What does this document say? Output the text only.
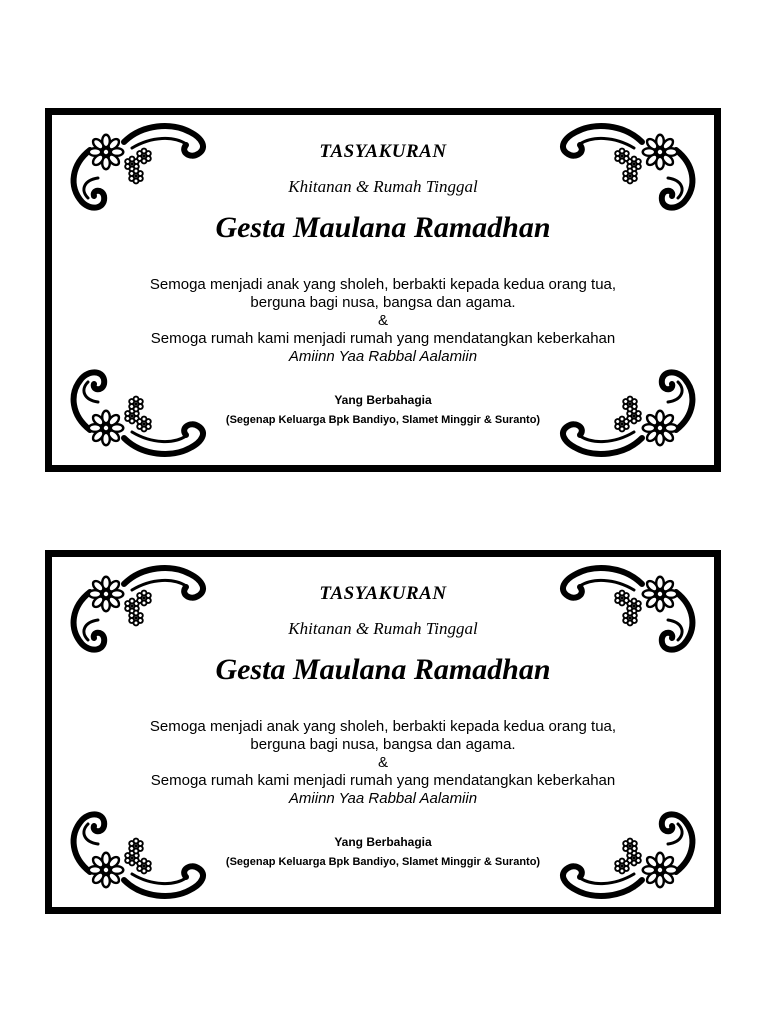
TASYAKURAN
Khitanan & Rumah Tinggal
Gesta Maulana Ramadhan
Semoga menjadi anak yang sholeh, berbakti kepada kedua orang tua,
berguna bagi nusa, bangsa dan agama.
&
Semoga rumah kami menjadi rumah yang mendatangkan keberkahan
Amiinn Yaa Rabbal Aalamiin
Yang Berbahagia
(Segenap Keluarga Bpk Bandiyo, Slamet Minggir & Suranto)
TASYAKURAN
Khitanan & Rumah Tinggal
Gesta Maulana Ramadhan
Semoga menjadi anak yang sholeh, berbakti kepada kedua orang tua,
berguna bagi nusa, bangsa dan agama.
&
Semoga rumah kami menjadi rumah yang mendatangkan keberkahan
Amiinn Yaa Rabbal Aalamiin
Yang Berbahagia
(Segenap Keluarga Bpk Bandiyo, Slamet Minggir & Suranto)
